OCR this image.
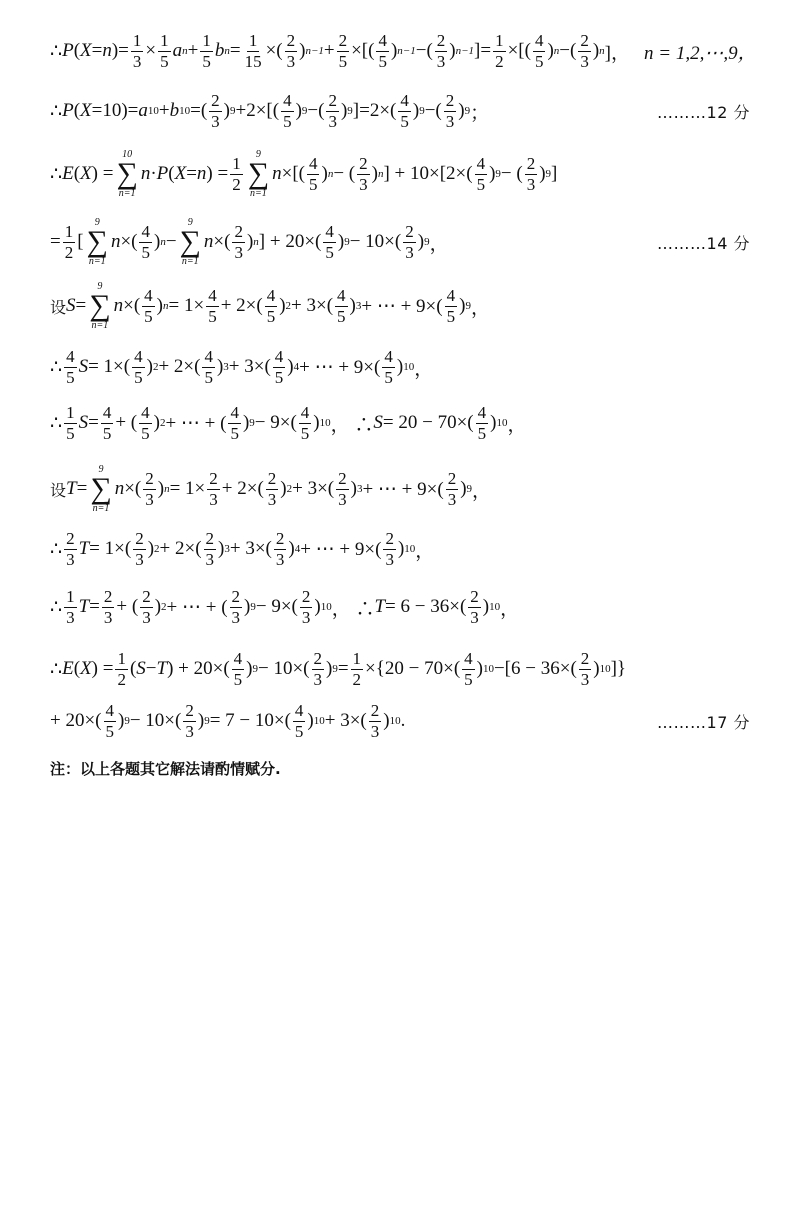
∴ P ( X = n )= 1
3 × 1
5 a n + 1
5 b n = 1
15 ×( 2
3 ) n−1 + 2
5 ×[( 4
5 ) n−1 −( 2
3 ) n−1 ]= 1
2 ×[( 4
5 ) n −( 2
3 ) n ]， n = 1,2,⋯,9，
∴ P ( X =10)= a 10 + b 10 =( 2
3 ) 9 +2×[( 4
5 ) 9 −( 2
3 ) 9 ]=2×( 4
5 ) 9 −( 2
3 ) 9 ；	………12 分
∴ E ( X ) =
10
∑
n=1
n · P ( X = n ) = 1
2
9
∑
n=1
n ×[( 4
5 ) n − ( 2
3 ) n ] + 10×[2×( 4
5 ) 9 − ( 2
3 ) 9 ]
= 1
2 [
9
∑
n=1
n ×( 4
5 ) n −
9
∑
n=1
n ×( 2
3 ) n ] + 20×( 4
5 ) 9 − 10×( 2
3 ) 9 ，	………14 分
设 S =
9
∑
n=1
n ×( 4
5 ) n = 1× 4
5 + 2×( 4
5 ) 2 + 3×( 4
5 ) 3 + ⋯ + 9×(
4
5 ) 9 ，
∴
4
5 S = 1×( 4
5 ) 2 + 2×( 4
5 ) 3 + 3×( 4
5 ) 4 + ⋯ + 9×(
4
5 ) 10 ，
∴
1
5 S = 4
5 + ( 4
5 ) 2 + ⋯ + (
4
5 ) 9 − 9×( 4
5 ) 10 ， ∴ S = 20 − 70×( 4
5 ) 10 ，
设 T =
9
∑
n=1
n ×( 2
3 ) n = 1× 2
3 + 2×( 2
3 ) 2 + 3×( 2
3 ) 3 + ⋯ + 9×(
2
3 ) 9 ，
∴
2
3 T = 1×( 2
3 ) 2 + 2×( 2
3 ) 3 + 3×( 2
3 ) 4 + ⋯ + 9×(
2
3 ) 10 ，
∴
1
3 T = 2
3 + ( 2
3 ) 2 + ⋯ + (
2
3 ) 9 − 9×( 2
3 ) 10 ， ∴ T = 6 − 36×( 2
3 ) 10 ，
∴ E ( X ) = 1
2 ( S − T ) + 20×( 4
5 ) 9 − 10×( 2
3 ) 9 = 1
2 ×{20 − 70×( 4
5 ) 10 −[6 − 36×( 2
3 ) 10 ]}
+ 20×( 4
5 ) 9 − 10×( 2
3 ) 9 = 7 − 10×( 4
5 ) 10 + 3×( 2
3 ) 10 .	………17 分
注：以上各题其它解法请酌情赋分.
